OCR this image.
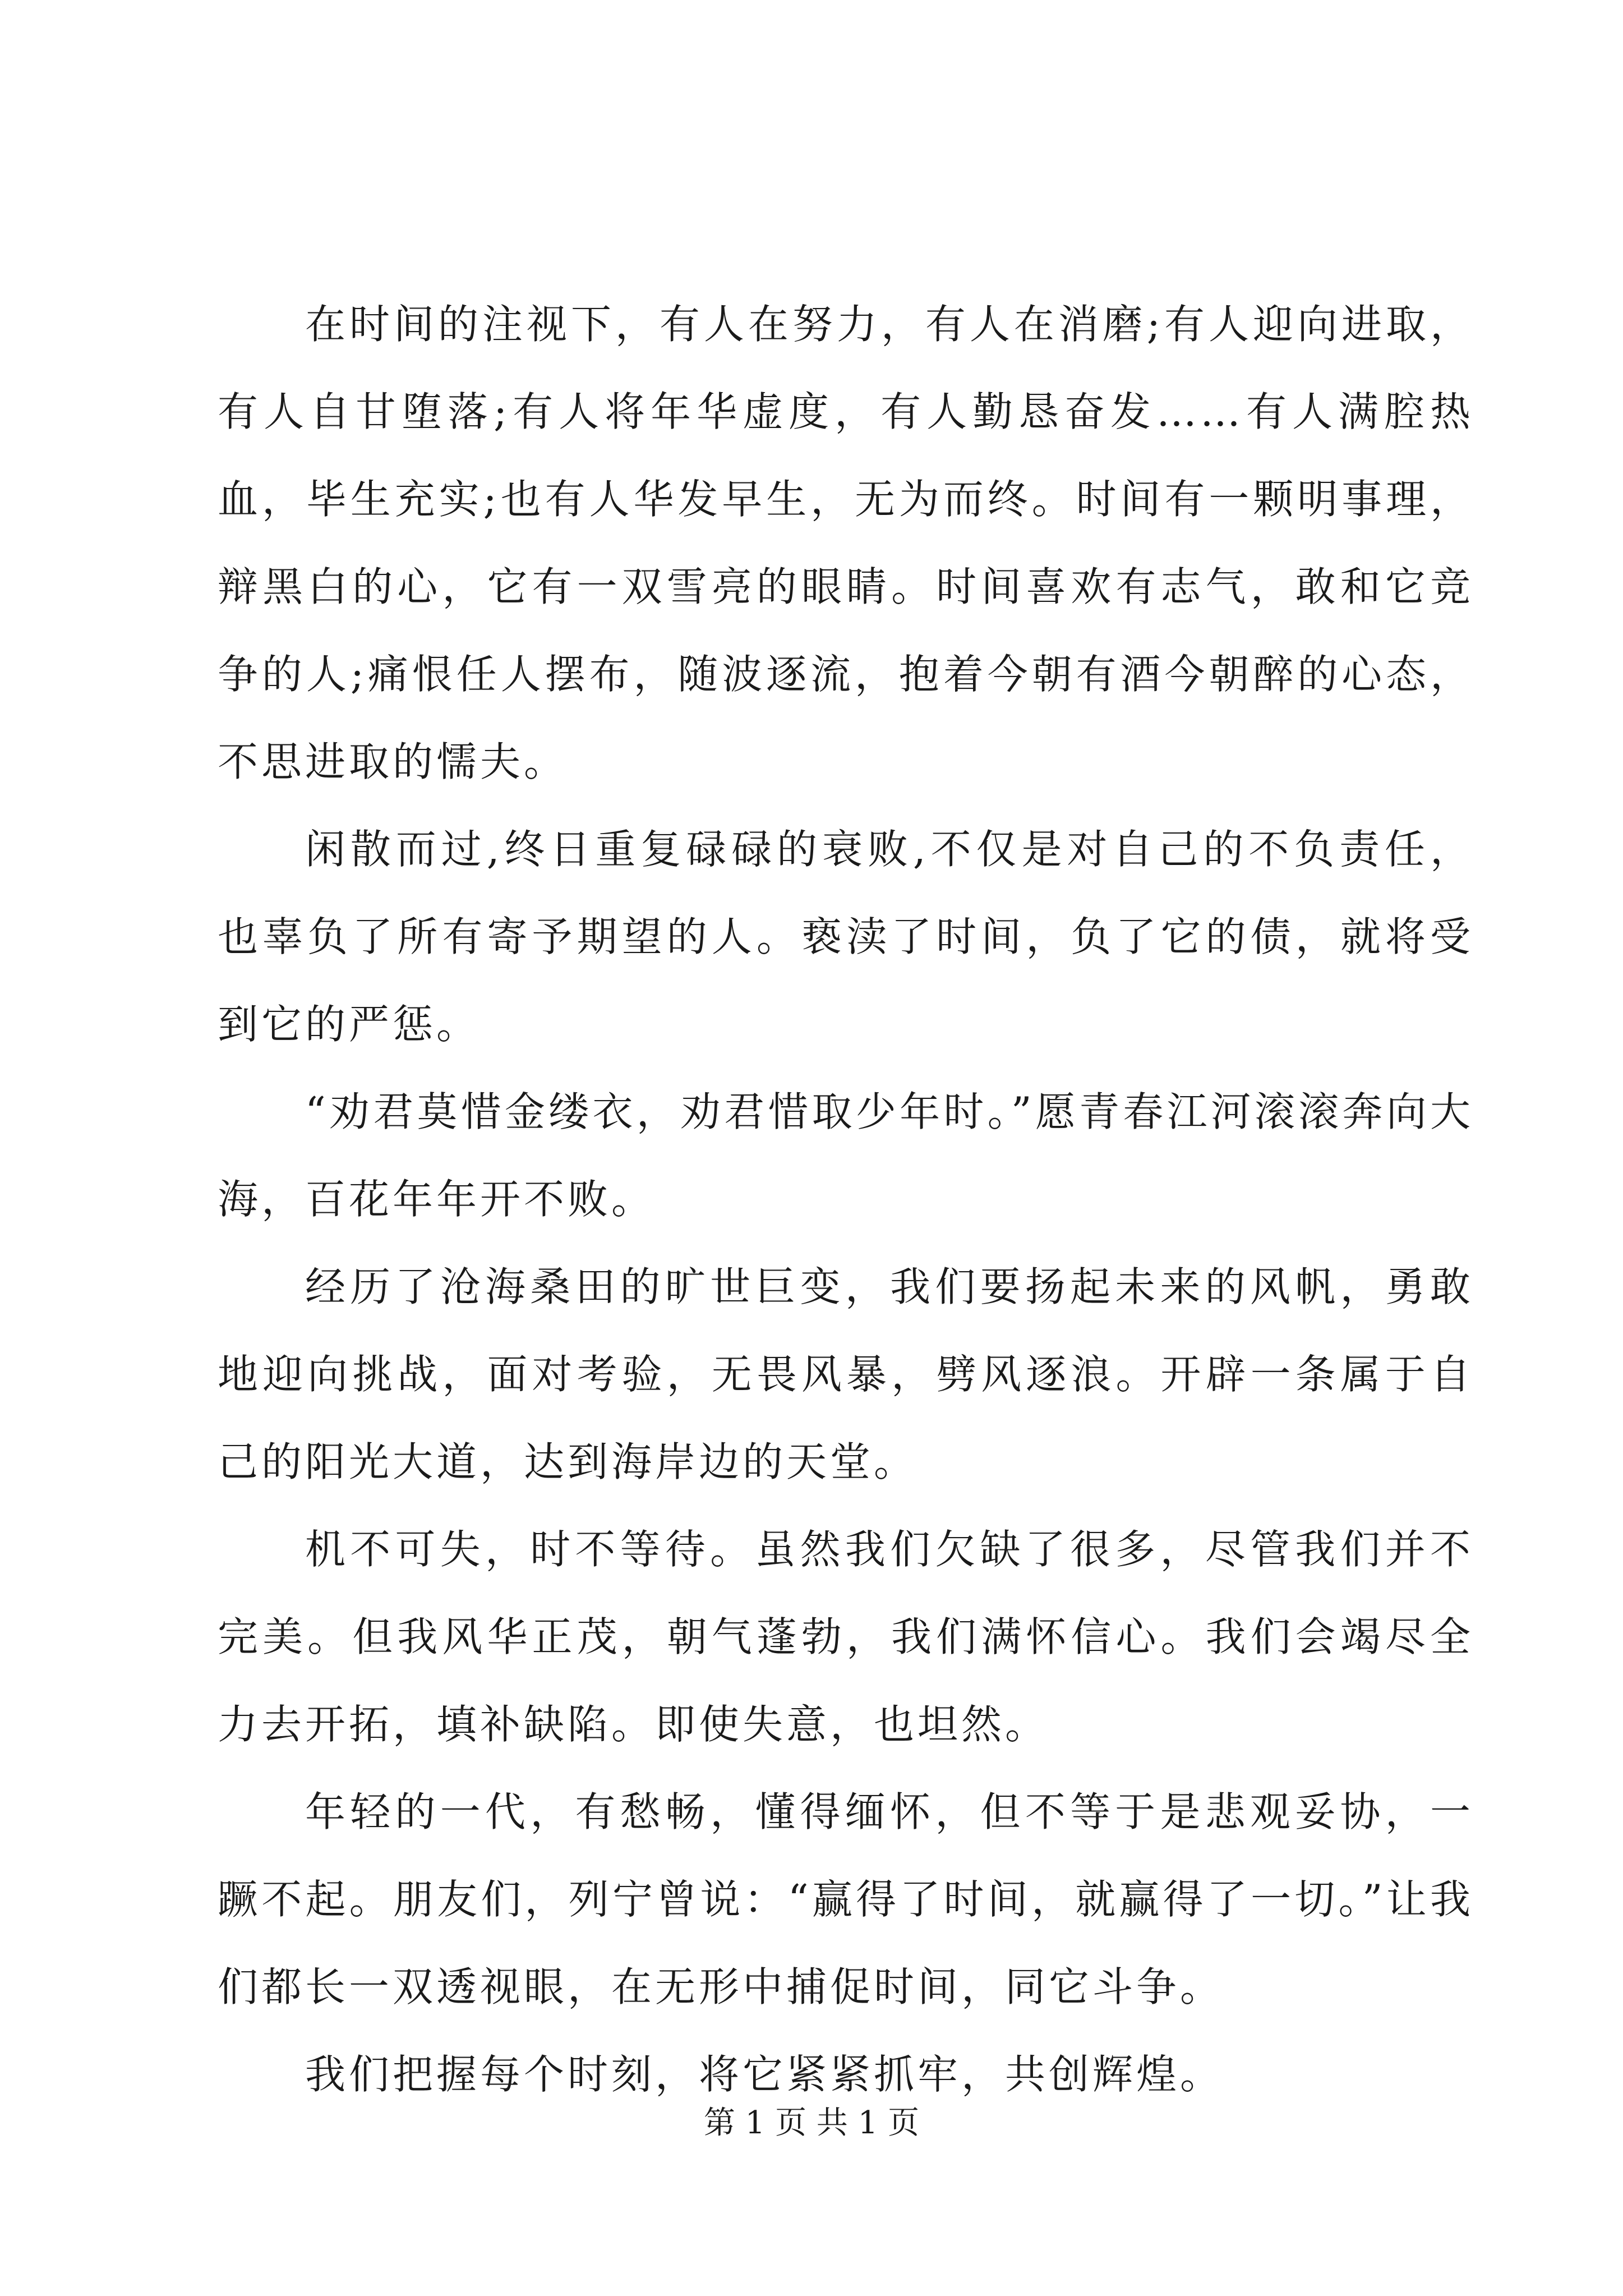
在时间的注视下，有人在努力，有人在消磨;有人迎向进取，有人自甘堕落;有人将年华虚度，有人勤恳奋发……有人满腔热血，毕生充实;也有人华发早生，无为而终。时间有一颗明事理，辩黑白的心，它有一双雪亮的眼睛。时间喜欢有志气，敢和它竞争的人;痛恨任人摆布，随波逐流，抱着今朝有酒今朝醉的心态，不思进取的懦夫。

闲散而过,终日重复碌碌的衰败,不仅是对自己的不负责任，也辜负了所有寄予期望的人。亵渎了时间，负了它的债，就将受到它的严惩。

“劝君莫惜金缕衣，劝君惜取少年时。”愿青春江河滚滚奔向大海，百花年年开不败。

经历了沧海桑田的旷世巨变，我们要扬起未来的风帆，勇敢地迎向挑战，面对考验，无畏风暴，劈风逐浪。开辟一条属于自己的阳光大道，达到海岸边的天堂。

机不可失，时不等待。虽然我们欠缺了很多，尽管我们并不完美。但我风华正茂，朝气蓬勃，我们满怀信心。我们会竭尽全力去开拓，填补缺陷。即使失意，也坦然。

年轻的一代，有愁畅，懂得缅怀，但不等于是悲观妥协，一蹶不起。朋友们，列宁曾说：“赢得了时间，就赢得了一切。”让我们都长一双透视眼，在无形中捕促时间，同它斗争。

我们把握每个时刻，将它紧紧抓牢，共创辉煌。

第 1 页 共 1 页
